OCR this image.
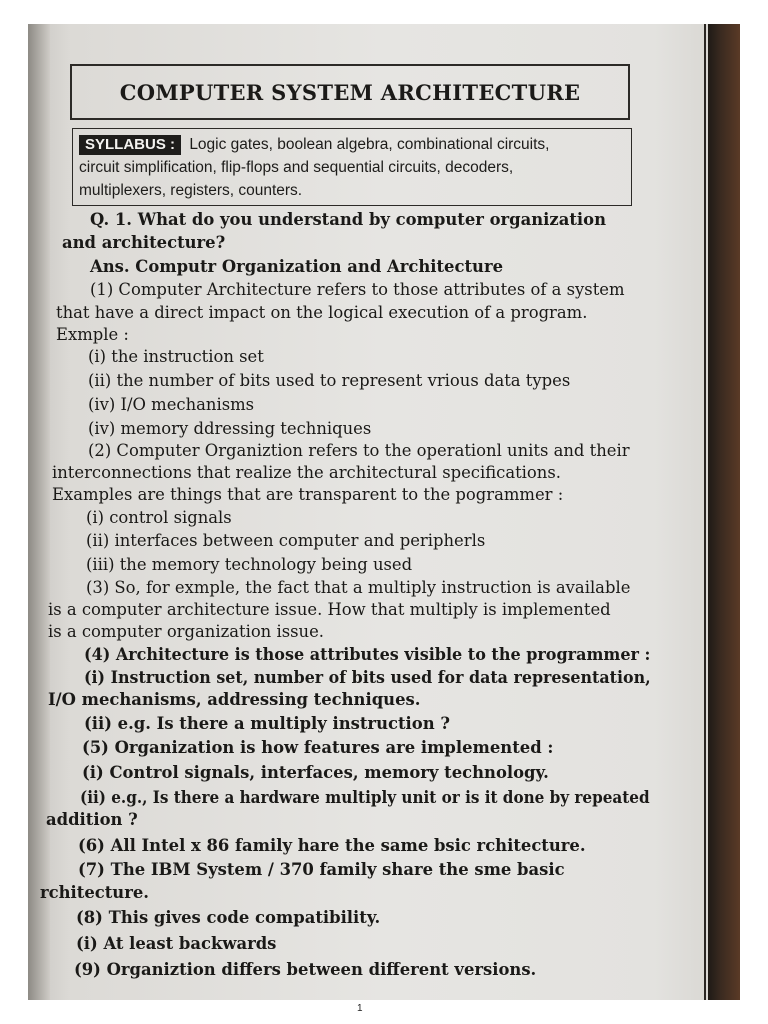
COMPUTER SYSTEM ARCHITECTURE
SYLLABUS : Logic gates, boolean algebra, combinational circuits,
circuit simplification, flip-flops and sequential circuits, decoders,
multiplexers, registers, counters.
Q. 1. What do you understand by computer organization
and architecture?
Ans. Computr Organization and Architecture
(1) Computer Architecture refers to those attributes of a system
that have a direct impact on the logical execution of a program.
Exmple :
(i) the instruction set
(ii) the number of bits used to represent vrious data types
(iv) I/O mechanisms
(iv) memory ddressing techniques
(2) Computer Organiztion refers to the operationl units and their
interconnections that realize the architectural specifications.
Examples are things that are transparent to the pogrammer :
(i) control signals
(ii) interfaces between computer and peripherls
(iii) the memory technology being used
(3) So, for exmple, the fact that a multiply instruction is available
is a computer architecture issue. How that multiply is implemented
is a computer organization issue.
(4) Architecture is those attributes visible to the programmer :
(i) Instruction set, number of bits used for data representation,
I/O mechanisms, addressing techniques.
(ii) e.g. Is there a multiply instruction ?
(5) Organization is how features are implemented :
(i) Control signals, interfaces, memory technology.
(ii) e.g., Is there a hardware multiply unit or is it done by repeated
addition ?
(6) All Intel x 86 family hare the same bsic rchitecture.
(7) The IBM System / 370 family share the sme basic
rchitecture.
(8) This gives code compatibility.
(i) At least backwards
(9) Organiztion differs between different versions.
1
